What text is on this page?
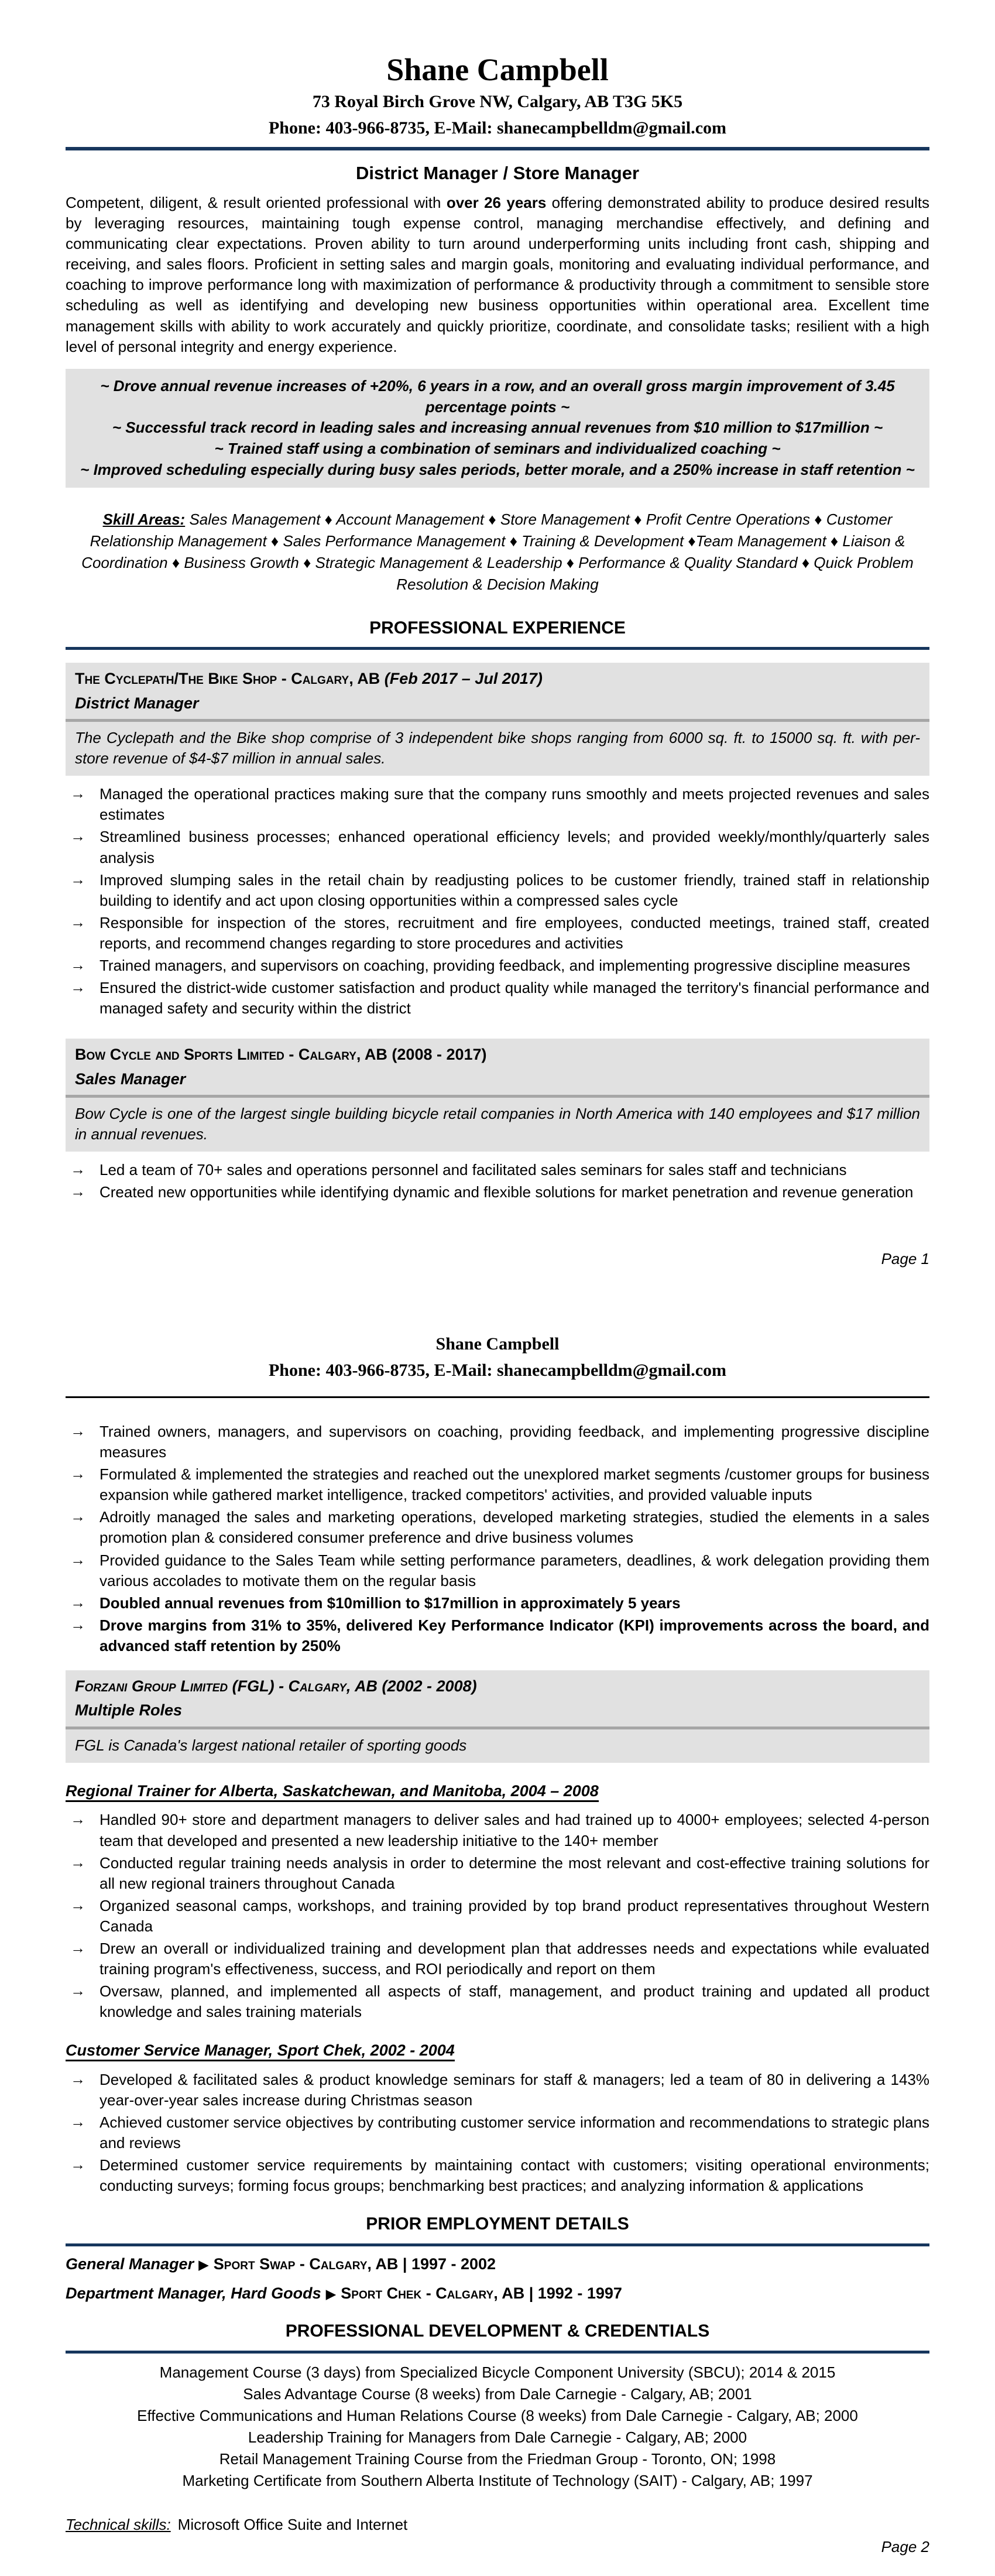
Shane Campbell
73 Royal Birch Grove NW, Calgary, AB T3G 5K5
Phone: 403-966-8735, E-Mail: shanecampbelldm@gmail.com
District Manager / Store Manager

Competent, diligent, & result oriented professional with over 26 years offering demonstrated ability to produce desired results by leveraging resources, maintaining tough expense control, managing merchandise effectively, and defining and communicating clear expectations. Proven ability to turn around underperforming units including front cash, shipping and receiving, and sales floors. Proficient in setting sales and margin goals, monitoring and evaluating individual performance, and coaching to improve performance long with maximization of performance & productivity through a commitment to sensible store scheduling as well as identifying and developing new business opportunities within operational area. Excellent time management skills with ability to work accurately and quickly prioritize, coordinate, and consolidate tasks; resilient with a high level of personal integrity and energy experience.

~ Drove annual revenue increases of +20%, 6 years in a row, and an overall gross margin improvement of 3.45 percentage points ~

~ Successful track record in leading sales and increasing annual revenues from $10 million to $17million ~

~ Trained staff using a combination of seminars and individualized coaching ~

~ Improved scheduling especially during busy sales periods, better morale, and a 250% increase in staff retention ~

Skill Areas: Sales Management ♦ Account Management ♦ Store Management ♦ Profit Centre Operations ♦ Customer Relationship Management ♦ Sales Performance Management ♦ Training & Development ♦Team Management ♦ Liaison & Coordination ♦ Business Growth ♦ Strategic Management & Leadership ♦ Performance & Quality Standard ♦ Quick Problem Resolution & Decision Making

PROFESSIONAL EXPERIENCE
The Cyclepath/The Bike Shop - Calgary, AB (Feb 2017 – Jul 2017)
District Manager
The Cyclepath and the Bike shop comprise of 3 independent bike shops ranging from 6000 sq. ft. to 15000 sq. ft. with per-store revenue of $4-$7 million in annual sales.
→ Managed the operational practices making sure that the company runs smoothly and meets projected revenues and sales estimates
→ Streamlined business processes; enhanced operational efficiency levels; and provided weekly/monthly/quarterly sales analysis
→ Improved slumping sales in the retail chain by readjusting polices to be customer friendly, trained staff in relationship building to identify and act upon closing opportunities within a compressed sales cycle
→ Responsible for inspection of the stores, recruitment and fire employees, conducted meetings, trained staff, created reports, and recommend changes regarding to store procedures and activities
→ Trained managers, and supervisors on coaching, providing feedback, and implementing progressive discipline measures
→ Ensured the district-wide customer satisfaction and product quality while managed the territory's financial performance and managed safety and security within the district
Bow Cycle and Sports Limited - Calgary, AB (2008 - 2017)
Sales Manager
Bow Cycle is one of the largest single building bicycle retail companies in North America with 140 employees and $17 million in annual revenues.
→ Led a team of 70+ sales and operations personnel and facilitated sales seminars for sales staff and technicians
→ Created new opportunities while identifying dynamic and flexible solutions for market penetration and revenue generation
Page 1
Shane Campbell
Phone: 403-966-8735, E-Mail: shanecampbelldm@gmail.com
→ Trained owners, managers, and supervisors on coaching, providing feedback, and implementing progressive discipline measures
→ Formulated & implemented the strategies and reached out the unexplored market segments /customer groups for business expansion while gathered market intelligence, tracked competitors' activities, and provided valuable inputs
→ Adroitly managed the sales and marketing operations, developed marketing strategies, studied the elements in a sales promotion plan & considered consumer preference and drive business volumes
→ Provided guidance to the Sales Team while setting performance parameters, deadlines, & work delegation providing them various accolades to motivate them on the regular basis
→ Doubled annual revenues from $10million to $17million in approximately 5 years
→ Drove margins from 31% to 35%, delivered Key Performance Indicator (KPI) improvements across the board, and advanced staff retention by 250%
Forzani Group Limited (FGL) - Calgary, AB (2002 - 2008)
Multiple Roles
FGL is Canada's largest national retailer of sporting goods
Regional Trainer for Alberta, Saskatchewan, and Manitoba, 2004 – 2008
→ Handled 90+ store and department managers to deliver sales and had trained up to 4000+ employees; selected 4-person team that developed and presented a new leadership initiative to the 140+ member
→ Conducted regular training needs analysis in order to determine the most relevant and cost-effective training solutions for all new regional trainers throughout Canada
→ Organized seasonal camps, workshops, and training provided by top brand product representatives throughout Western Canada
→ Drew an overall or individualized training and development plan that addresses needs and expectations while evaluated training program's effectiveness, success, and ROI periodically and report on them
→ Oversaw, planned, and implemented all aspects of staff, management, and product training and updated all product knowledge and sales training materials
Customer Service Manager, Sport Chek, 2002 - 2004
→ Developed & facilitated sales & product knowledge seminars for staff & managers; led a team of 80 in delivering a 143% year-over-year sales increase during Christmas season
→ Achieved customer service objectives by contributing customer service information and recommendations to strategic plans and reviews
→ Determined customer service requirements by maintaining contact with customers; visiting operational environments; conducting surveys; forming focus groups; benchmarking best practices; and analyzing information & applications
PRIOR EMPLOYMENT DETAILS
General Manager ▶ Sport Swap - Calgary, AB | 1997 - 2002
Department Manager, Hard Goods ▶ Sport Chek - Calgary, AB | 1992 - 1997
PROFESSIONAL DEVELOPMENT & CREDENTIALS

Management Course (3 days) from Specialized Bicycle Component University (SBCU); 2014 & 2015

Sales Advantage Course (8 weeks) from Dale Carnegie - Calgary, AB; 2001

Effective Communications and Human Relations Course (8 weeks) from Dale Carnegie - Calgary, AB; 2000

Leadership Training for Managers from Dale Carnegie - Calgary, AB; 2000

Retail Management Training Course from the Friedman Group - Toronto, ON; 1998

Marketing Certificate from Southern Alberta Institute of Technology (SAIT) - Calgary, AB; 1997

Technical skills: Microsoft Office Suite and Internet
Page 2
